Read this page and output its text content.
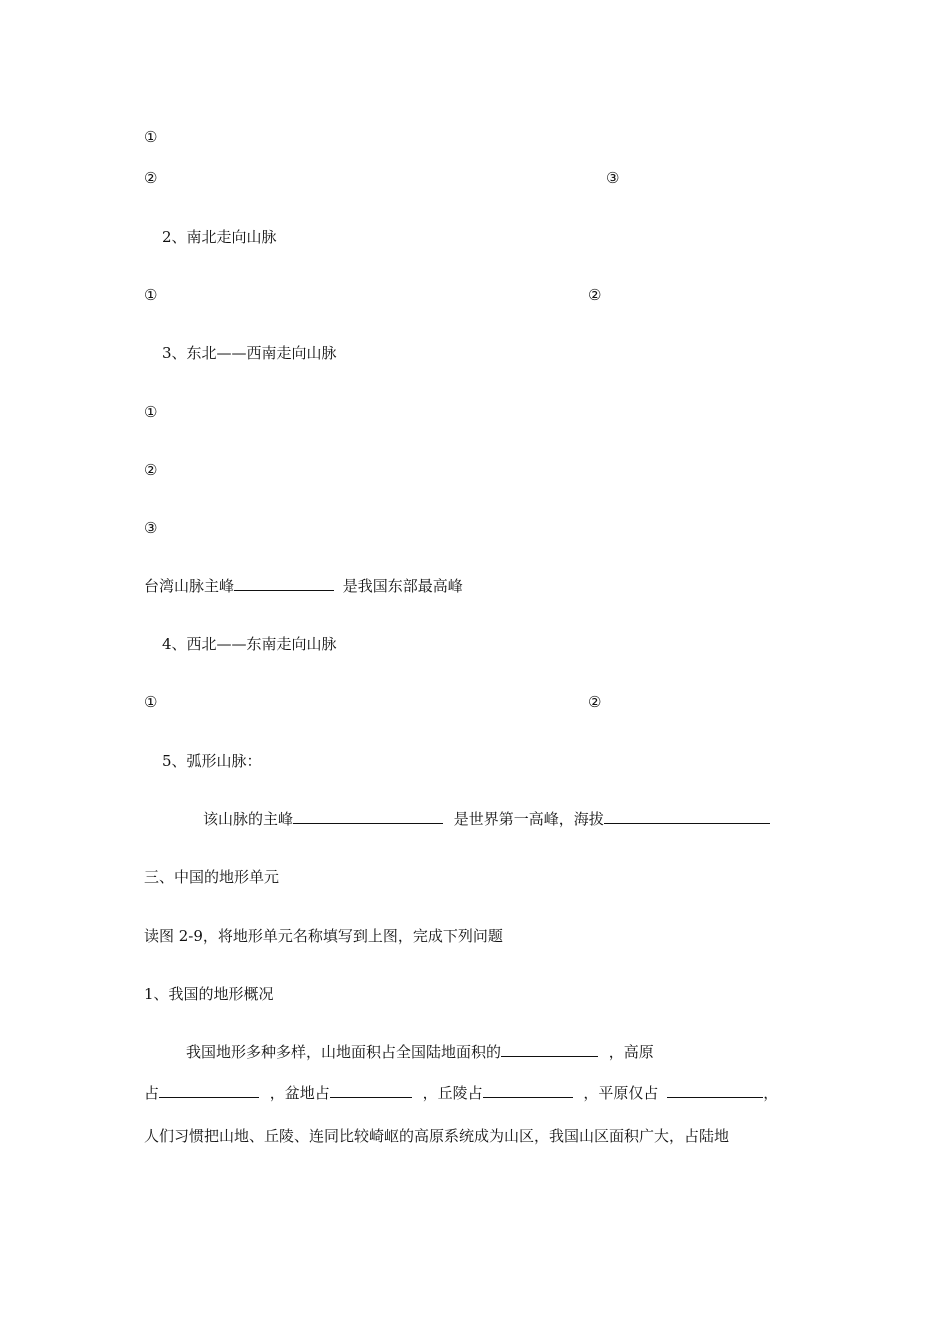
①
②	③
2、南北走向山脉
①	②
3、东北——西南走向山脉
①
②
③
台湾山脉主峰	是我国东部最高峰
4、西北——东南走向山脉
①	②
5、弧形山脉：
该山脉的主峰	是世界第一高峰，海拔
三、中国的地形单元
读图 2-9，将地形单元名称填写到上图，完成下列问题
1、我国的地形概况
我国地形多种多样，山地面积占全国陆地面积的	，高原
占	，盆地占	，丘陵占	，平原仅占	，
人们习惯把山地、丘陵、连同比较崎岖的高原系统成为山区，我国山区面积广大，占陆地
